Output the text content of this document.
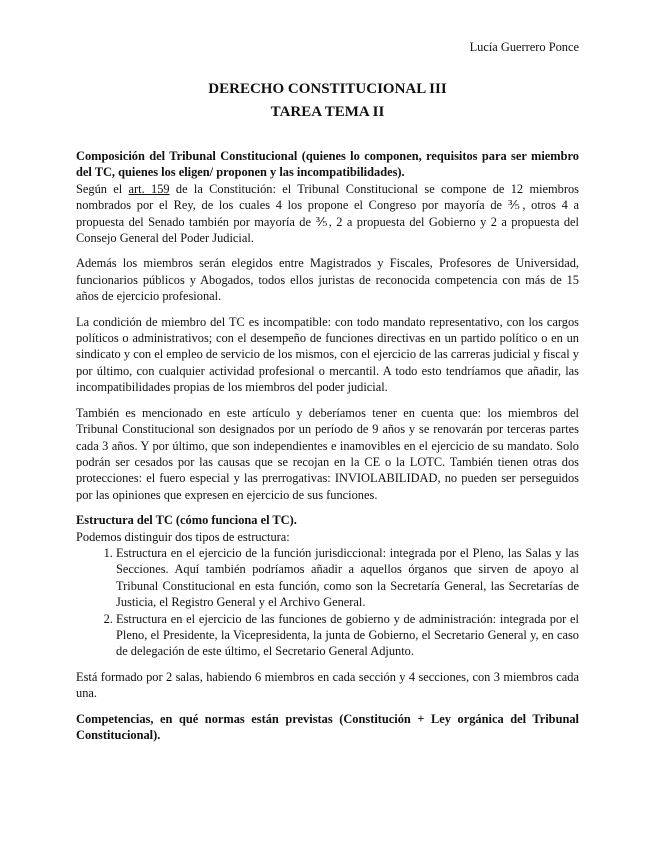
Lucía Guerrero Ponce
DERECHO CONSTITUCIONAL III
TAREA TEMA II

Composición del Tribunal Constitucional (quienes lo componen, requisitos para ser miembro del TC, quienes los eligen/ proponen y las incompatibilidades).

Según el art. 159 de la Constitución: el Tribunal Constitucional se compone de 12 miembros nombrados por el Rey, de los cuales 4 los propone el Congreso por mayoría de ⅗, otros 4 a propuesta del Senado también por mayoría de ⅗, 2 a propuesta del Gobierno y 2 a propuesta del Consejo General del Poder Judicial.

Además los miembros serán elegidos entre Magistrados y Fiscales, Profesores de Universidad, funcionarios públicos y Abogados, todos ellos juristas de reconocida competencia con más de 15 años de ejercicio profesional.

La condición de miembro del TC es incompatible: con todo mandato representativo, con los cargos políticos o administrativos; con el desempeño de funciones directivas en un partido político o en un sindicato y con el empleo de servicio de los mismos, con el ejercicio de las carreras judicial y fiscal y por último, con cualquier actividad profesional o mercantil. A todo esto tendríamos que añadir, las incompatibilidades propias de los miembros del poder judicial.

También es mencionado en este artículo y deberíamos tener en cuenta que: los miembros del Tribunal Constitucional son designados por un período de 9 años y se renovarán por terceras partes cada 3 años. Y por último, que son independientes e inamovibles en el ejercicio de su mandato. Solo podrán ser cesados por las causas que se recojan en la CE o la LOTC. También tienen otras dos protecciones: el fuero especial y las prerrogativas: INVIOLABILIDAD, no pueden ser perseguidos por las opiniones que expresen en ejercicio de sus funciones.

Estructura del TC (cómo funciona el TC).

Podemos distinguir dos tipos de estructura:

1. Estructura en el ejercicio de la función jurisdiccional: integrada por el Pleno, las Salas y las Secciones. Aquí también podríamos añadir a aquellos órganos que sirven de apoyo al Tribunal Constitucional en esta función, como son la Secretaría General, las Secretarías de Justicia, el Registro General y el Archivo General.
2. Estructura en el ejercicio de las funciones de gobierno y de administración: integrada por el Pleno, el Presidente, la Vicepresidenta, la junta de Gobierno, el Secretario General y, en caso de delegación de este último, el Secretario General Adjunto.

Está formado por 2 salas, habiendo 6 miembros en cada sección y 4 secciones, con 3 miembros cada una.

Competencias, en qué normas están previstas (Constitución + Ley orgánica del Tribunal Constitucional).
